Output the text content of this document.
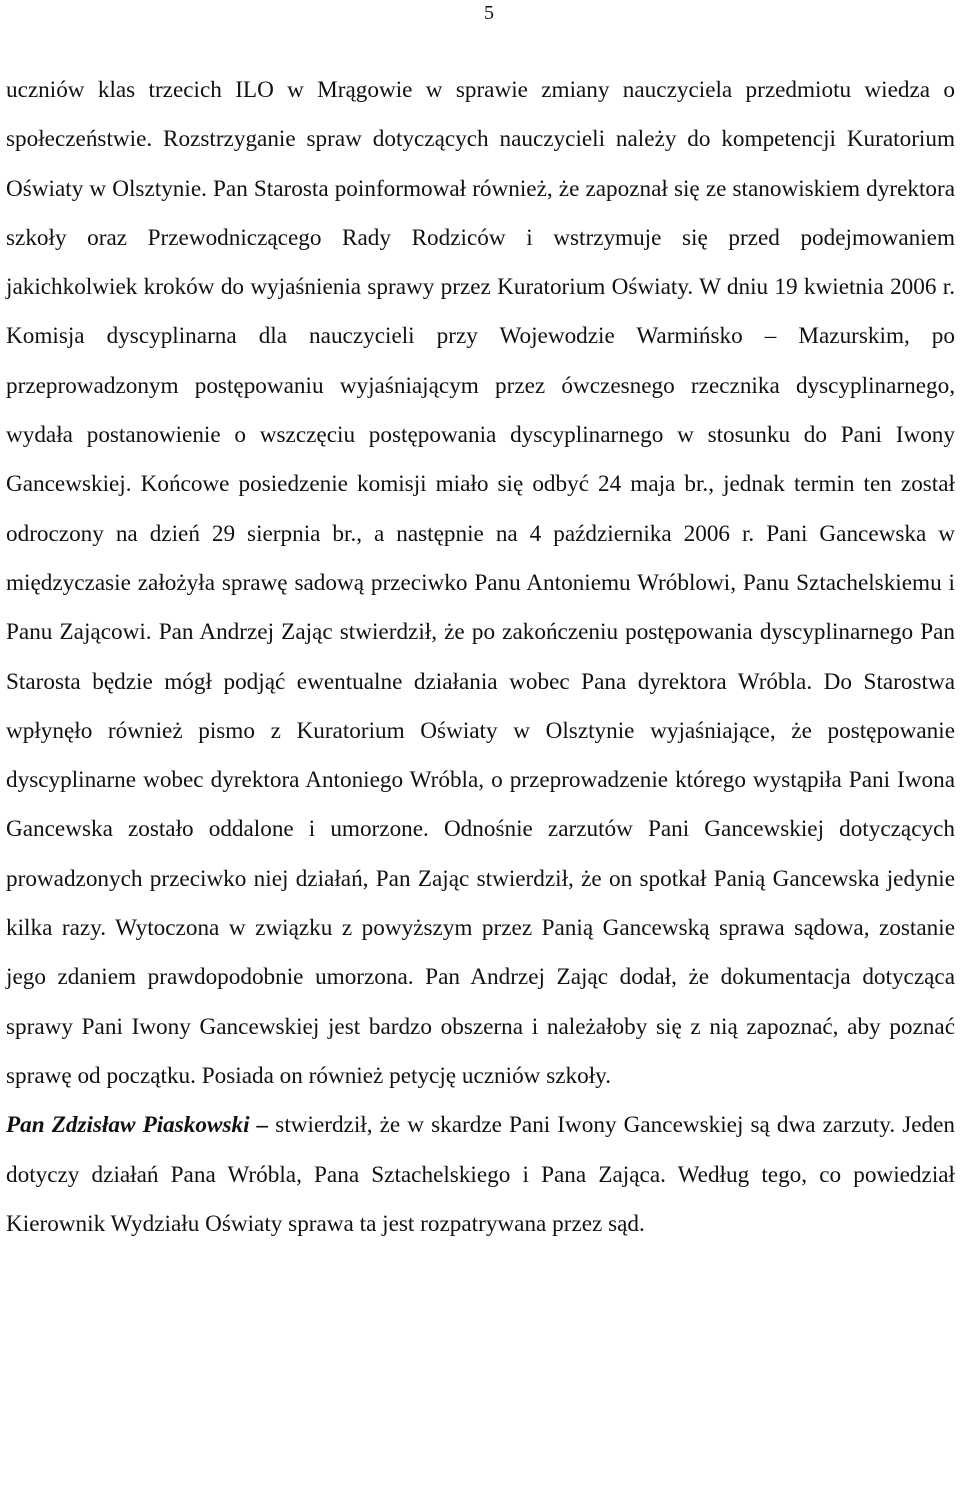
5

uczniów klas trzecich ILO w Mrągowie w sprawie zmiany nauczyciela przedmiotu wiedza o społeczeństwie. Rozstrzyganie spraw dotyczących nauczycieli należy do kompetencji Kuratorium Oświaty w Olsztynie. Pan Starosta poinformował również, że zapoznał się ze stanowiskiem dyrektora szkoły oraz Przewodniczącego Rady Rodziców i wstrzymuje się przed podejmowaniem jakichkolwiek kroków do wyjaśnienia sprawy przez Kuratorium Oświaty. W dniu 19 kwietnia 2006 r. Komisja dyscyplinarna dla nauczycieli przy Wojewodzie Warmińsko – Mazurskim, po przeprowadzonym postępowaniu wyjaśniającym przez ówczesnego rzecznika dyscyplinarnego, wydała postanowienie o wszczęciu postępowania dyscyplinarnego w stosunku do Pani Iwony Gancewskiej. Końcowe posiedzenie komisji miało się odbyć 24 maja br., jednak termin ten został odroczony na dzień 29 sierpnia br., a następnie na 4 października 2006 r. Pani Gancewska w międzyczasie założyła sprawę sadową przeciwko Panu Antoniemu Wróblowi, Panu Sztachelskiemu i Panu Zającowi. Pan Andrzej Zając stwierdził, że po zakończeniu postępowania dyscyplinarnego Pan Starosta będzie mógł podjąć ewentualne działania wobec Pana dyrektora Wróbla. Do Starostwa wpłynęło również pismo z Kuratorium Oświaty w Olsztynie wyjaśniające, że postępowanie dyscyplinarne wobec dyrektora Antoniego Wróbla, o przeprowadzenie którego wystąpiła Pani Iwona Gancewska zostało oddalone i umorzone. Odnośnie zarzutów Pani Gancewskiej dotyczących prowadzonych przeciwko niej działań, Pan Zając stwierdził, że on spotkał Panią Gancewska jedynie kilka razy. Wytoczona w związku z powyższym przez Panią Gancewską sprawa sądowa, zostanie jego zdaniem prawdopodobnie umorzona. Pan Andrzej Zając dodał, że dokumentacja dotycząca sprawy Pani Iwony Gancewskiej jest bardzo obszerna i należałoby się z nią zapoznać, aby poznać sprawę od początku. Posiada on również petycję uczniów szkoły.

Pan Zdzisław Piaskowski – stwierdził, że w skardze Pani Iwony Gancewskiej są dwa zarzuty. Jeden dotyczy działań Pana Wróbla, Pana Sztachelskiego i Pana Zająca. Według tego, co powiedział Kierownik Wydziału Oświaty sprawa ta jest rozpatrywana przez sąd.
